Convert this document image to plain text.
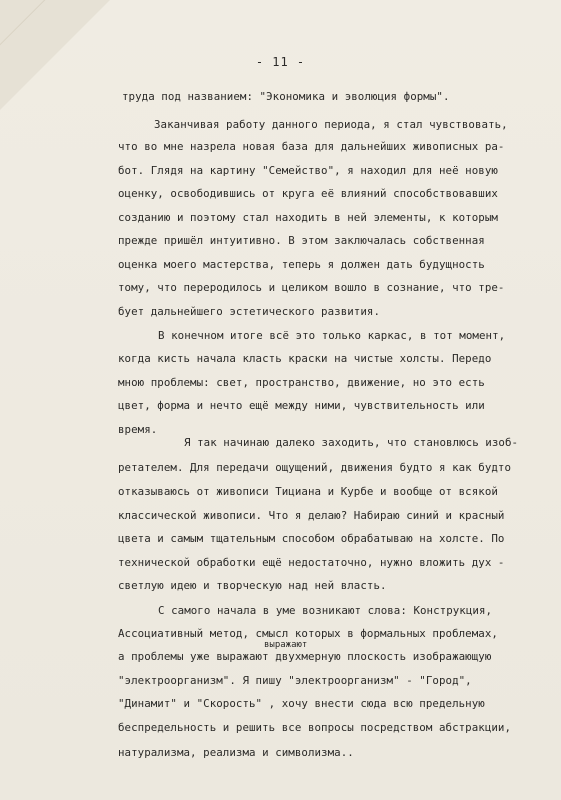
- 11 -
труда под названием: "Экономика и эволюция формы".
Заканчивая работу данного периода, я стал чувствовать,
что во мне назрела новая база для дальнейших живописных ра-
бот. Глядя на картину "Семейство", я находил для неё новую
оценку, освободившись от круга её влияний способствовавших
созданию и поэтому стал находить в ней элементы, к которым
прежде пришёл интуитивно. В этом заключалась собственная
оценка моего мастерства, теперь я должен дать будущность
тому, что переродилось и целиком вошло в сознание, что тре-
бует дальнейшего эстетического развития.
В конечном итоге всё это только каркас, в тот момент,
когда кисть начала класть краски на чистые холсты. Передо
мною проблемы: свет, пространство, движение, но это есть
цвет, форма и нечто ещё между ними, чувствительность или
время.
Я так начинаю далеко заходить, что становлюсь изоб-
ретателем. Для передачи ощущений, движения будто я как будто
отказываюсь от живописи Тициана и Курбе и вообще от всякой
классической живописи. Что я делаю? Набираю синий и красный
цвета и самым тщательным способом обрабатываю на холсте. По
технической обработки ещё недостаточно, нужно вложить дух -
светлую идею и творческую над ней власть.
С самого начала в уме возникают слова: Конструкция,
Ассоциативный метод, смысл которых в формальных проблемах,
выражают
а проблемы уже выражают двухмерную плоскость изображающую
"электроорганизм". Я пишу "электроорганизм" - "Город",
"Динамит" и "Скорость" , хочу внести сюда всю предельную
беспредельность и решить все вопросы посредством абстракции,
натурализма, реализма и символизма..
